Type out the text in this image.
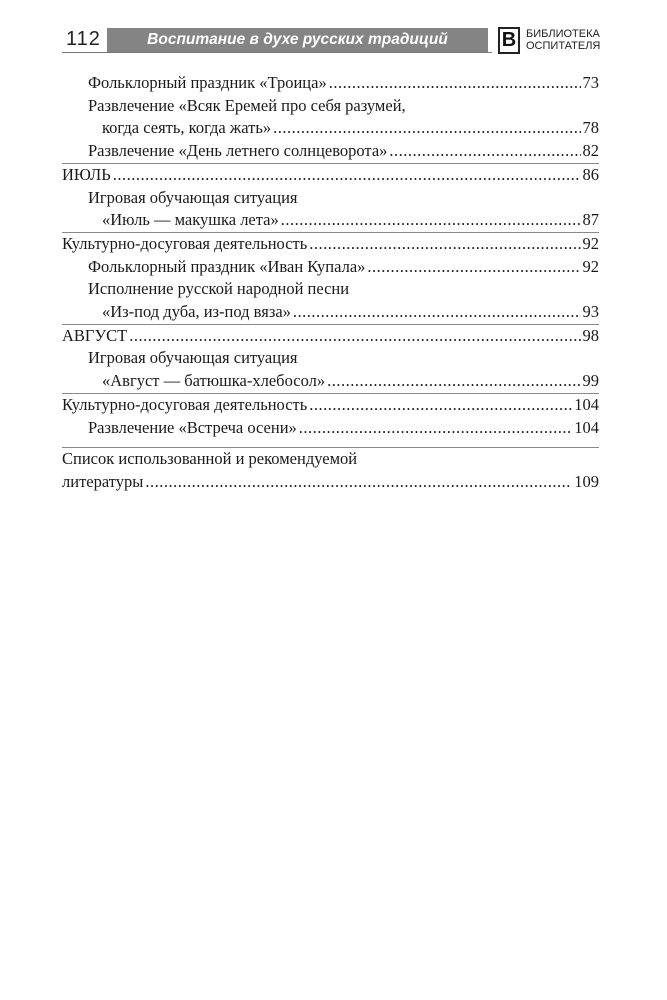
112	Воспитание в духе русских традиций	В БИБЛИОТЕКА
ОСПИТАТЕЛЯ
Фольклорный праздник «Троица» .....	73
Развлечение «Всяк Еремей про себя разумей,
когда сеять, когда жать» .....	78
Развлечение «День летнего солнцеворота» .....	82
ИЮЛЬ .....	86
Игровая обучающая ситуация
«Июль — макушка лета» .....	87
Культурно-досуговая деятельность .....	92
Фольклорный праздник «Иван Купала» .....	92
Исполнение русской народной песни
«Из-под дуба, из-под вяза» .....	93
АВГУСТ .....	98
Игровая обучающая ситуация
«Август — батюшка-хлебосол» .....	99
Культурно-досуговая деятельность .....	104
Развлечение «Встреча осени» .....	104
Список использованной и рекомендуемой
литературы .....	109
